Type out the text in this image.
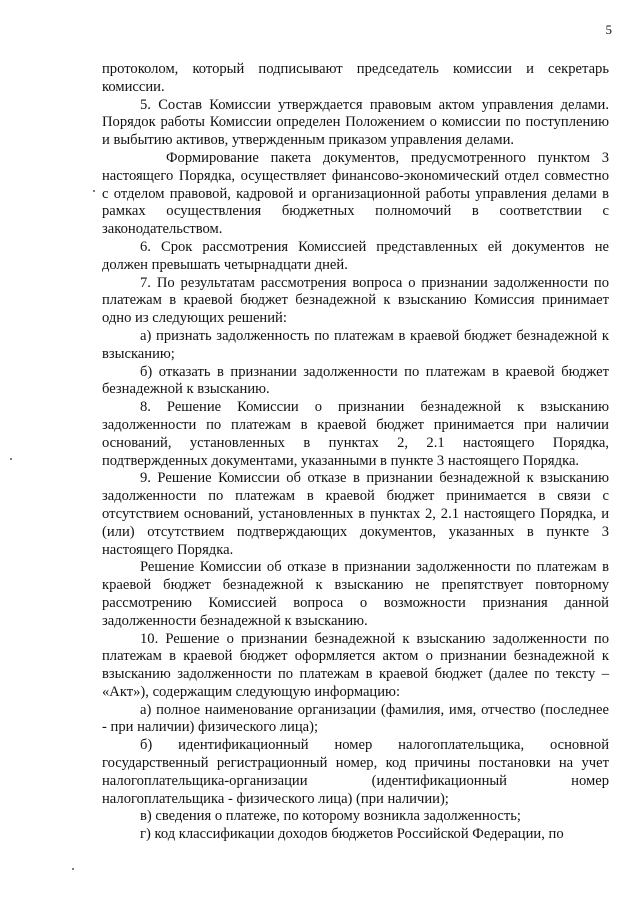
5

протоколом, который подписывают председатель комиссии и секретарь комиссии.

5. Состав Комиссии утверждается правовым актом управления делами. Порядок работы Комиссии определен Положением о комиссии по поступлению и выбытию активов, утвержденным приказом управления делами.

Формирование пакета документов, предусмотренного пунктом 3 настоящего Порядка, осуществляет финансово-экономический отдел совместно с отделом правовой, кадровой и организационной работы управления делами в рамках осуществления бюджетных полномочий в соответствии с законодательством.

6. Срок рассмотрения Комиссией представленных ей документов не должен превышать четырнадцати дней.

7. По результатам рассмотрения вопроса о признании задолженности по платежам в краевой бюджет безнадежной к взысканию Комиссия принимает одно из следующих решений:

а) признать задолженность по платежам в краевой бюджет безнадежной к взысканию;

б) отказать в признании задолженности по платежам в краевой бюджет безнадежной к взысканию.

8. Решение Комиссии о признании безнадежной к взысканию задолженности по платежам в краевой бюджет принимается при наличии оснований, установленных в пунктах 2, 2.1 настоящего Порядка, подтвержденных документами, указанными в пункте 3 настоящего Порядка.

9. Решение Комиссии об отказе в признании безнадежной к взысканию задолженности по платежам в краевой бюджет принимается в связи с отсутствием оснований, установленных в пунктах 2, 2.1 настоящего Порядка, и (или) отсутствием подтверждающих документов, указанных в пункте 3 настоящего Порядка.

Решение Комиссии об отказе в признании задолженности по платежам в краевой бюджет безнадежной к взысканию не препятствует повторному рассмотрению Комиссией вопроса о возможности признания данной задолженности безнадежной к взысканию.

10. Решение о признании безнадежной к взысканию задолженности по платежам в краевой бюджет оформляется актом о признании безнадежной к взысканию задолженности по платежам в краевой бюджет (далее по тексту – «Акт»), содержащим следующую информацию:

а) полное наименование организации (фамилия, имя, отчество (последнее - при наличии) физического лица);

б) идентификационный номер налогоплательщика, основной государственный регистрационный номер, код причины постановки на учет налогоплательщика-организации (идентификационный номер налогоплательщика - физического лица) (при наличии);

в) сведения о платеже, по которому возникла задолженность;

г) код классификации доходов бюджетов Российской Федерации, по
